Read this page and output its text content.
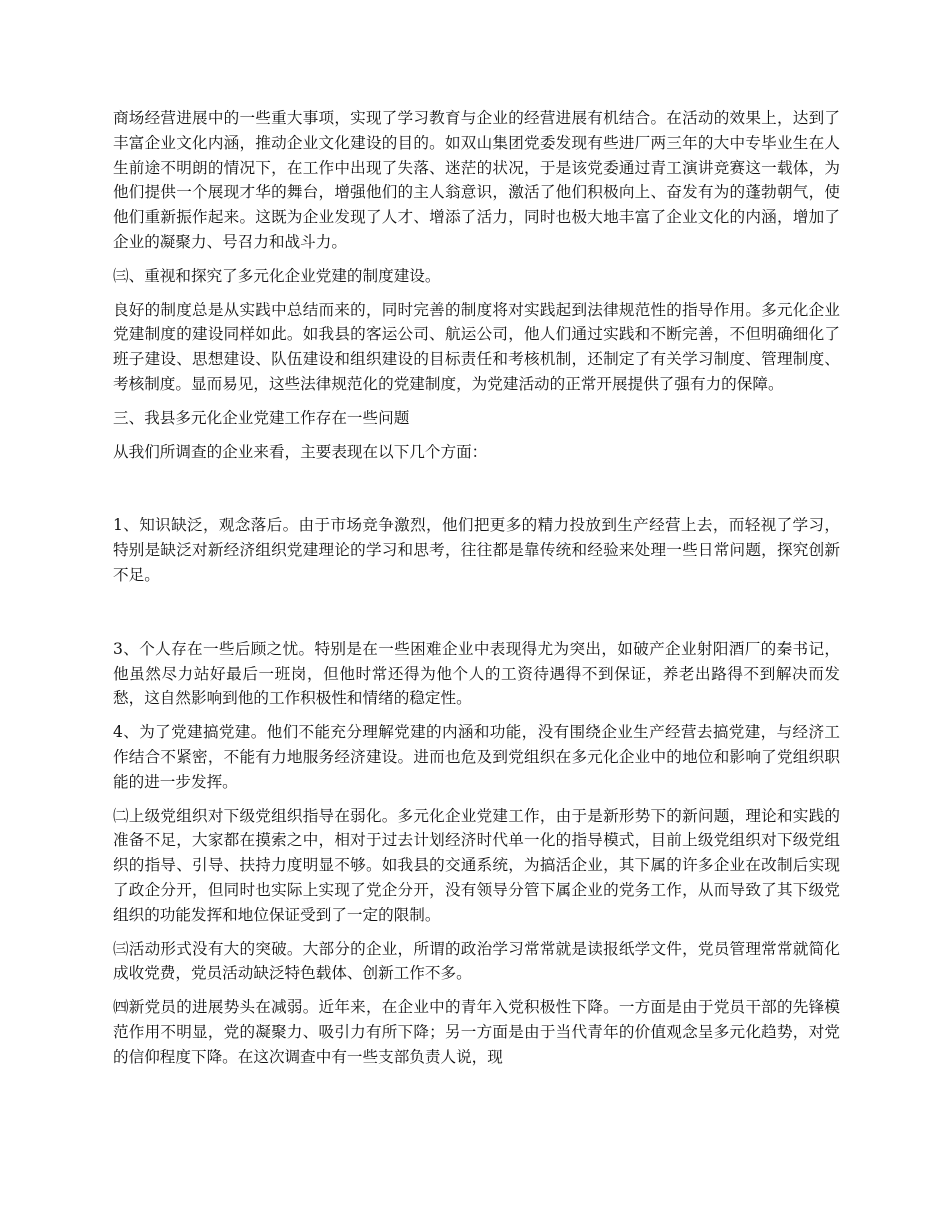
商场经营进展中的一些重大事项，实现了学习教育与企业的经营进展有机结合。在活动的效果上，达到了丰富企业文化内涵，推动企业文化建设的目的。如双山集团党委发现有些进厂两三年的大中专毕业生在人生前途不明朗的情况下，在工作中出现了失落、迷茫的状况，于是该党委通过青工演讲竞赛这一载体，为他们提供一个展现才华的舞台，增强他们的主人翁意识，激活了他们积极向上、奋发有为的蓬勃朝气，使他们重新振作起来。这既为企业发现了人才、增添了活力，同时也极大地丰富了企业文化的内涵，增加了企业的凝聚力、号召力和战斗力。

㈢、重视和探究了多元化企业党建的制度建设。

良好的制度总是从实践中总结而来的，同时完善的制度将对实践起到法律规范性的指导作用。多元化企业党建制度的建设同样如此。如我县的客运公司、航运公司，他人们通过实践和不断完善，不但明确细化了班子建设、思想建设、队伍建设和组织建设的目标责任和考核机制，还制定了有关学习制度、管理制度、考核制度。显而易见，这些法律规范化的党建制度，为党建活动的正常开展提供了强有力的保障。

三、我县多元化企业党建工作存在一些问题

从我们所调查的企业来看，主要表现在以下几个方面：

1、知识缺泛，观念落后。由于市场竞争激烈，他们把更多的精力投放到生产经营上去，而轻视了学习，特别是缺泛对新经济组织党建理论的学习和思考，往往都是靠传统和经验来处理一些日常问题，探究创新不足。

3、个人存在一些后顾之忧。特别是在一些困难企业中表现得尤为突出，如破产企业射阳酒厂的秦书记，他虽然尽力站好最后一班岗，但他时常还得为他个人的工资待遇得不到保证，养老出路得不到解决而发愁，这自然影响到他的工作积极性和情绪的稳定性。

4、为了党建搞党建。他们不能充分理解党建的内涵和功能，没有围绕企业生产经营去搞党建，与经济工作结合不紧密，不能有力地服务经济建设。进而也危及到党组织在多元化企业中的地位和影响了党组织职能的进一步发挥。

㈡上级党组织对下级党组织指导在弱化。多元化企业党建工作，由于是新形势下的新问题，理论和实践的准备不足，大家都在摸索之中，相对于过去计划经济时代单一化的指导模式，目前上级党组织对下级党组织的指导、引导、扶持力度明显不够。如我县的交通系统，为搞活企业，其下属的许多企业在改制后实现了政企分开，但同时也实际上实现了党企分开，没有领导分管下属企业的党务工作，从而导致了其下级党组织的功能发挥和地位保证受到了一定的限制。

㈢活动形式没有大的突破。大部分的企业，所谓的政治学习常常就是读报纸学文件，党员管理常常就简化成收党费，党员活动缺泛特色载体、创新工作不多。

㈣新党员的进展势头在减弱。近年来，在企业中的青年入党积极性下降。一方面是由于党员干部的先锋模范作用不明显，党的凝聚力、吸引力有所下降；另一方面是由于当代青年的价值观念呈多元化趋势，对党的信仰程度下降。在这次调查中有一些支部负责人说，现
